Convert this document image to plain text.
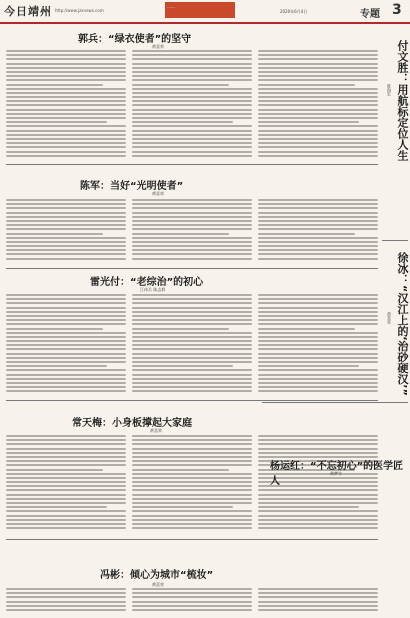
今日靖州 http://www.jzxnews.com
……
2020年6月4日	专题 3
郭兵：“绿衣使者”的坚守
黄喜荣
陈军：当好“光明使者”
黄喜荣
雷光付：“老综治”的初心
江伟兵 陈志群
常天梅：小身板撑起大家庭
黄喜荣
冯彬：倾心为城市“梳妆”
黄喜荣
付文胜：用航标定位人生
陈海宏
徐冰：“汉江上的‘治砂硬汉’”
黄喜荣
杨运红：“不忘初心”的医学匠人
黄梦竹
